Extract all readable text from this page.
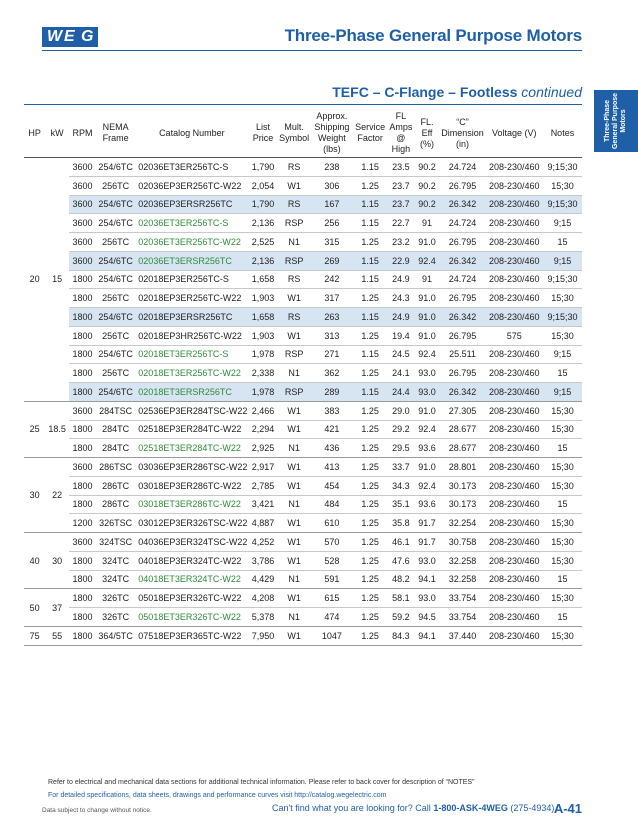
W E G	Three-Phase General Purpose Motors
TEFC – C-Flange – Footless continued
Three-Phase
General Purpose
Motors
HP	kW	RPM	NEMA Frame	Catalog Number	List Price	Mult. Symbol	Approx. Shipping Weight (lbs)	Service Factor	FL Amps @ High	FL. Eff (%)	“C” Dimension (in)	Voltage (V)	Notes
20	15	3600	254/6TC	02036ET3ER256TC-S	1,790	RS	238	1.15	23.5	90.2	24.724	208-230/460	9;15;30
		3600	256TC	02036EP3ER256TC-W22	2,054	W1	306	1.25	23.7	90.2	26.795	208-230/460	15;30
		3600	254/6TC	02036EP3ERSR256TC	1,790	RS	167	1.15	23.7	90.2	26.342	208-230/460	9;15;30
		3600	254/6TC	02036ET3ER256TC-S	2,136	RSP	256	1.15	22.7	91	24.724	208-230/460	9;15
		3600	256TC	02036ET3ER256TC-W22	2,525	N1	315	1.25	23.2	91.0	26.795	208-230/460	15
		3600	254/6TC	02036ET3ERSR256TC	2,136	RSP	269	1.15	22.9	92.4	26.342	208-230/460	9;15
		1800	254/6TC	02018EP3ER256TC-S	1,658	RS	242	1.15	24.9	91	24.724	208-230/460	9;15;30
		1800	256TC	02018EP3ER256TC-W22	1,903	W1	317	1.25	24.3	91.0	26.795	208-230/460	15;30
		1800	254/6TC	02018EP3ERSR256TC	1,658	RS	263	1.15	24.9	91.0	26.342	208-230/460	9;15;30
		1800	256TC	02018EP3HR256TC-W22	1,903	W1	313	1.25	19.4	91.0	26.795	575	15;30
		1800	254/6TC	02018ET3ER256TC-S	1,978	RSP	271	1.15	24.5	92.4	25.511	208-230/460	9;15
		1800	256TC	02018ET3ER256TC-W22	2,338	N1	362	1.25	24.1	93.0	26.795	208-230/460	15
		1800	254/6TC	02018ET3ERSR256TC	1,978	RSP	289	1.15	24.4	93.0	26.342	208-230/460	9;15
25	18.5	3600	284TSC	02536EP3ER284TSC-W22	2,466	W1	383	1.25	29.0	91.0	27.305	208-230/460	15;30
		1800	284TC	02518EP3ER284TC-W22	2,294	W1	421	1.25	29.2	92.4	28.677	208-230/460	15;30
		1800	284TC	02518ET3ER284TC-W22	2,925	N1	436	1.25	29.5	93.6	28.677	208-230/460	15
30	22	3600	286TSC	03036EP3ER286TSC-W22	2,917	W1	413	1.25	33.7	91.0	28.801	208-230/460	15;30
		1800	286TC	03018EP3ER286TC-W22	2,785	W1	454	1.25	34.3	92.4	30.173	208-230/460	15;30
		1800	286TC	03018ET3ER286TC-W22	3,421	N1	484	1.25	35.1	93.6	30.173	208-230/460	15
		1200	326TSC	03012EP3ER326TSC-W22	4,887	W1	610	1.25	35.8	91.7	32.254	208-230/460	15;30
40	30	3600	324TSC	04036EP3ER324TSC-W22	4,252	W1	570	1.25	46.1	91.7	30.758	208-230/460	15;30
		1800	324TC	04018EP3ER324TC-W22	3,786	W1	528	1.25	47.6	93.0	32.258	208-230/460	15;30
		1800	324TC	04018ET3ER324TC-W22	4,429	N1	591	1.25	48.2	94.1	32.258	208-230/460	15
50	37	1800	326TC	05018EP3ER326TC-W22	4,208	W1	615	1.25	58.1	93.0	33.754	208-230/460	15;30
		1800	326TC	05018ET3ER326TC-W22	5,378	N1	474	1.25	59.2	94.5	33.754	208-230/460	15
75	55	1800	364/5TC	07518EP3ER365TC-W22	7,950	W1	1047	1.25	84.3	94.1	37.440	208-230/460	15;30
Refer to electrical and mechanical data sections for additional technical information. Please refer to back cover for description of “NOTES”
For detailed specifications, data sheets, drawings and performance curves visit http://catalog.wegelectric.com
Data subject to change without notice.	Can't find what you are looking for? Call 1-800-ASK-4WEG (275-4934) A-41
